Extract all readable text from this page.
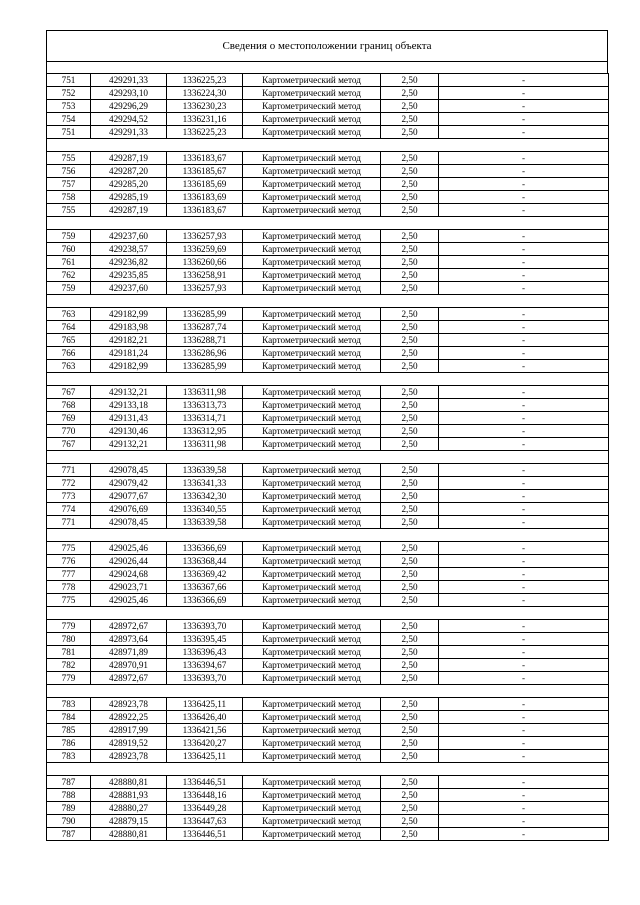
Сведения о местоположении границ объекта
751	429291,33	1336225,23	Картометрический метод	2,50	-
752	429293,10	1336224,30	Картометрический метод	2,50	-
753	429296,29	1336230,23	Картометрический метод	2,50	-
754	429294,52	1336231,16	Картометрический метод	2,50	-
751	429291,33	1336225,23	Картометрический метод	2,50	-

755	429287,19	1336183,67	Картометрический метод	2,50	-
756	429287,20	1336185,67	Картометрический метод	2,50	-
757	429285,20	1336185,69	Картометрический метод	2,50	-
758	429285,19	1336183,69	Картометрический метод	2,50	-
755	429287,19	1336183,67	Картометрический метод	2,50	-

759	429237,60	1336257,93	Картометрический метод	2,50	-
760	429238,57	1336259,69	Картометрический метод	2,50	-
761	429236,82	1336260,66	Картометрический метод	2,50	-
762	429235,85	1336258,91	Картометрический метод	2,50	-
759	429237,60	1336257,93	Картометрический метод	2,50	-

763	429182,99	1336285,99	Картометрический метод	2,50	-
764	429183,98	1336287,74	Картометрический метод	2,50	-
765	429182,21	1336288,71	Картометрический метод	2,50	-
766	429181,24	1336286,96	Картометрический метод	2,50	-
763	429182,99	1336285,99	Картометрический метод	2,50	-

767	429132,21	1336311,98	Картометрический метод	2,50	-
768	429133,18	1336313,73	Картометрический метод	2,50	-
769	429131,43	1336314,71	Картометрический метод	2,50	-
770	429130,46	1336312,95	Картометрический метод	2,50	-
767	429132,21	1336311,98	Картометрический метод	2,50	-

771	429078,45	1336339,58	Картометрический метод	2,50	-
772	429079,42	1336341,33	Картометрический метод	2,50	-
773	429077,67	1336342,30	Картометрический метод	2,50	-
774	429076,69	1336340,55	Картометрический метод	2,50	-
771	429078,45	1336339,58	Картометрический метод	2,50	-

775	429025,46	1336366,69	Картометрический метод	2,50	-
776	429026,44	1336368,44	Картометрический метод	2,50	-
777	429024,68	1336369,42	Картометрический метод	2,50	-
778	429023,71	1336367,66	Картометрический метод	2,50	-
775	429025,46	1336366,69	Картометрический метод	2,50	-

779	428972,67	1336393,70	Картометрический метод	2,50	-
780	428973,64	1336395,45	Картометрический метод	2,50	-
781	428971,89	1336396,43	Картометрический метод	2,50	-
782	428970,91	1336394,67	Картометрический метод	2,50	-
779	428972,67	1336393,70	Картометрический метод	2,50	-

783	428923,78	1336425,11	Картометрический метод	2,50	-
784	428922,25	1336426,40	Картометрический метод	2,50	-
785	428917,99	1336421,56	Картометрический метод	2,50	-
786	428919,52	1336420,27	Картометрический метод	2,50	-
783	428923,78	1336425,11	Картометрический метод	2,50	-

787	428880,81	1336446,51	Картометрический метод	2,50	-
788	428881,93	1336448,16	Картометрический метод	2,50	-
789	428880,27	1336449,28	Картометрический метод	2,50	-
790	428879,15	1336447,63	Картометрический метод	2,50	-
787	428880,81	1336446,51	Картометрический метод	2,50	-
